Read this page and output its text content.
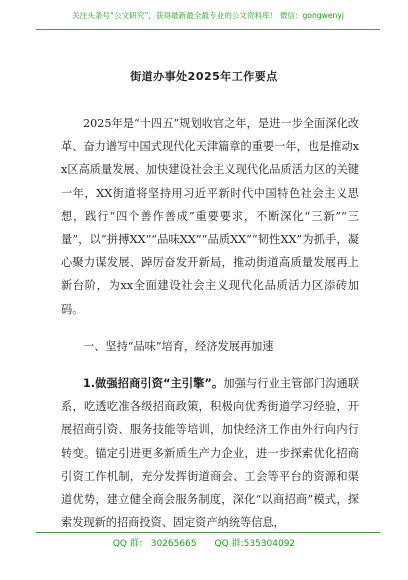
关注头条号“公文研究”，获得最新最全最专业的公文资料库！ 微信：gongwenyj
街道办事处2025年工作要点

2025年是“十四五”规划收官之年，是进一步全面深化改革、奋力谱写中国式现代化天津篇章的重要一年，也是推动xx区高质量发展、加快建设社会主义现代化品质活力区的关键一年，XX街道将坚持用习近平新时代中国特色社会主义思想，践行“四个善作善成”重要要求，不断深化“三新”“三量”，以“拼搏XX”“品味XX”“品质XX”“韧性XX”为抓手，凝心聚力谋发展、踔厉奋发开新局，推动街道高质量发展再上新台阶，为xx全面建设社会主义现代化品质活力区添砖加码。

一、坚持“品味”培育，经济发展再加速

1.做强招商引资“主引擎”。加强与行业主管部门沟通联系，吃透吃准各级招商政策，积极向优秀街道学习经验，开展招商引资、服务技能等培训，加快经济工作由外行向内行转变。锚定引进更多新质生产力企业，进一步探索优化招商引资工作机制，充分发挥街道商会、工会等平台的资源和渠道优势，建立健全商会服务制度，深化“以商招商”模式，探索发现新的招商投资、固定资产纳统等信息，

QQ 群： 30265665 QQ 群:535304092
